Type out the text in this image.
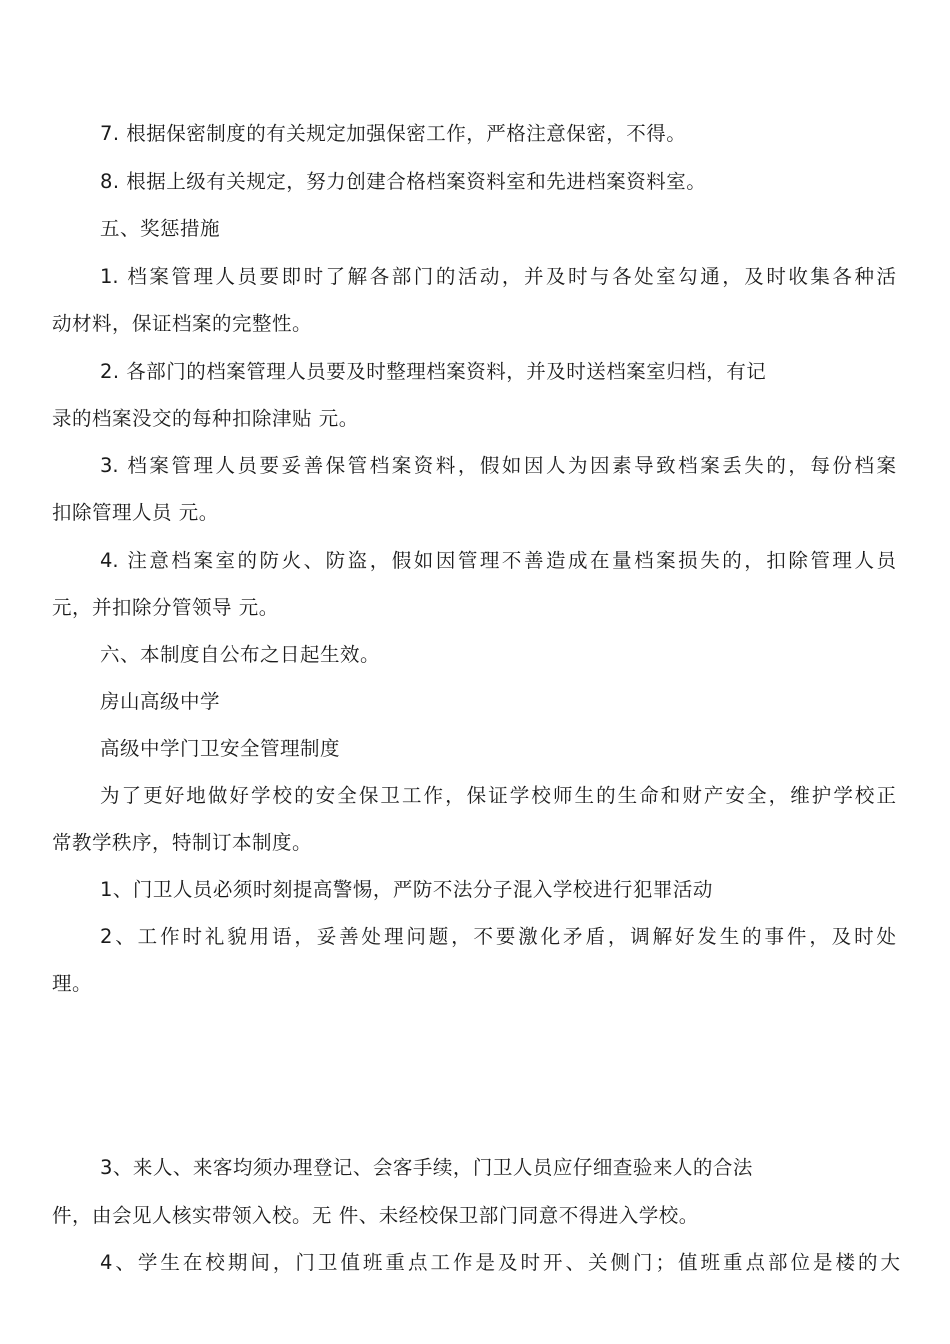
7. 根据保密制度的有关规定加强保密工作，严格注意保密，不得。
8. 根据上级有关规定，努力创建合格档案资料室和先进档案资料室。
五、奖惩措施
1. 档案管理人员要即时了解各部门的活动，并及时与各处室勾通，及时收集各种活
动材料，保证档案的完整性。
2. 各部门的档案管理人员要及时整理档案资料，并及时送档案室归档，有记
录的档案没交的每种扣除津贴 元。
3. 档案管理人员要妥善保管档案资料，假如因人为因素导致档案丢失的，每份档案
扣除管理人员 元。
4. 注意档案室的防火、防盗，假如因管理不善造成在量档案损失的，扣除管理人员
元，并扣除分管领导 元。
六、本制度自公布之日起生效。
房山高级中学
高级中学门卫安全管理制度
为了更好地做好学校的安全保卫工作，保证学校师生的生命和财产安全，维护学校正
常教学秩序，特制订本制度。
1、门卫人员必须时刻提高警惕，严防不法分子混入学校进行犯罪活动
2、工作时礼貌用语，妥善处理问题，不要激化矛盾，调解好发生的事件，及时处
理。
3、来人、来客均须办理登记、会客手续，门卫人员应仔细查验来人的合法
件，由会见人核实带领入校。无 件、未经校保卫部门同意不得进入学校。
4、学生在校期间，门卫值班重点工作是及时开、关侧门；值班重点部位是楼的大
